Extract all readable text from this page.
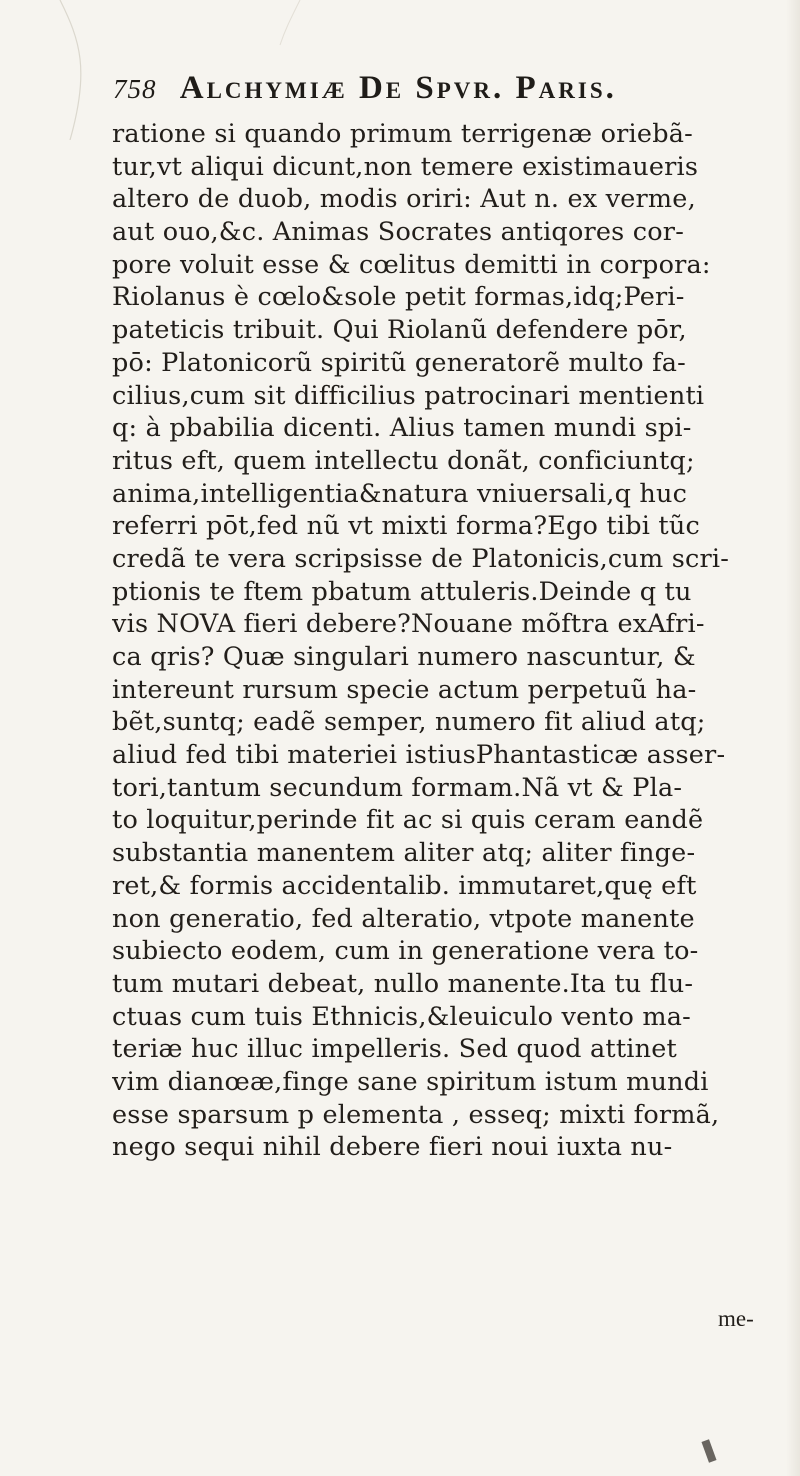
758 Alchymiæ De Spvr. Paris.
ratione si quando primum terrigenæ oriebã-
tur,vt aliqui dicunt,non temere existimaueris
altero de duob, modis oriri: Aut n. ex verme,
aut ouo,&c. Animas Socrates antiqores cor-
pore voluit esse & cœlitus demitti in corpora:
Riolanus è cœlo&sole petit formas,idq;Peri-
pateticis tribuit. Qui Riolanũ defendere pōr,
pō: Platonicorũ spiritũ generatorẽ multo fa-
cilius,cum sit difficilius patrocinari mentienti
q: à pbabilia dicenti. Alius tamen mundi spi-
ritus eft, quem intellectu donãt, conficiuntq;
anima,intelligentia&natura vniuersali,q huc
referri pōt,fed nũ vt mixti forma?Ego tibi tũc
credã te vera scripsisse de Platonicis,cum scri-
ptionis te ftem pbatum attuleris.Deinde q tu
vis NOVA fieri debere?Nouane mõftra exAfri-
ca qris? Quæ singulari numero nascuntur, &
intereunt rursum specie actum perpetuũ ha-
bẽt,suntq; eadẽ semper, numero fit aliud atq;
aliud fed tibi materiei istiusPhantasticæ asser-
tori,tantum secundum formam.Nã vt & Pla-
to loquitur,perinde fit ac si quis ceram eandẽ
substantia manentem aliter atq; aliter finge-
ret,& formis accidentalib. immutaret,quę eft
non generatio, fed alteratio, vtpote manente
subiecto eodem, cum in generatione vera to-
tum mutari debeat, nullo manente.Ita tu flu-
ctuas cum tuis Ethnicis,&leuiculo vento ma-
teriæ huc illuc impelleris. Sed quod attinet
vim dianœæ,finge sane spiritum istum mundi
esse sparsum p elementa , esseq; mixti formã,
nego sequi nihil debere fieri noui iuxta nu-
me-
